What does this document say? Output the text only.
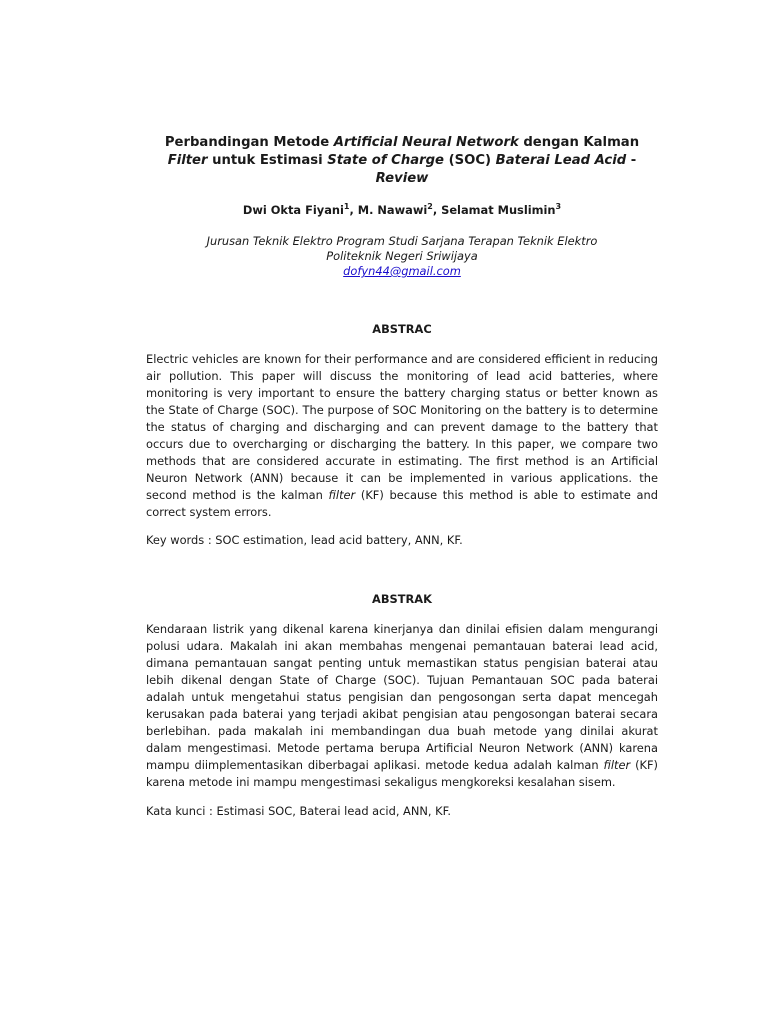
Perbandingan Metode Artificial Neural Network dengan Kalman
Filter untuk Estimasi State of Charge (SOC) Baterai Lead Acid -
Review
Dwi Okta Fiyani$^1$, M. Nawawi$^2$, Selamat Muslimin$^3$
Jurusan Teknik Elektro Program Studi Sarjana Terapan Teknik Elektro
Politeknik Negeri Sriwijaya
dofyn44@gmail.com
ABSTRAC

Electric vehicles are known for their performance and are considered efficient in reducing air pollution. This paper will discuss the monitoring of lead acid batteries, where monitoring is very important to ensure the battery charging status or better known as the State of Charge (SOC). The purpose of SOC Monitoring on the battery is to determine the status of charging and discharging and can prevent damage to the battery that occurs due to overcharging or discharging the battery. In this paper, we compare two methods that are considered accurate in estimating. The first method is an Artificial Neuron Network (ANN) because it can be implemented in various applications. the second method is the kalman filter (KF) because this method is able to estimate and correct system errors.

Key words : SOC estimation, lead acid battery, ANN, KF.
ABSTRAK

Kendaraan listrik yang dikenal karena kinerjanya dan dinilai efisien dalam mengurangi polusi udara. Makalah ini akan membahas mengenai pemantauan baterai lead acid, dimana pemantauan sangat penting untuk memastikan status pengisian baterai atau lebih dikenal dengan State of Charge (SOC). Tujuan Pemantauan SOC pada baterai adalah untuk mengetahui status pengisian dan pengosongan serta dapat mencegah kerusakan pada baterai yang terjadi akibat pengisian atau pengosongan baterai secara berlebihan. pada makalah ini membandingan dua buah metode yang dinilai akurat dalam mengestimasi. Metode pertama berupa Artificial Neuron Network (ANN) karena mampu diimplementasikan diberbagai aplikasi. metode kedua adalah kalman filter (KF) karena metode ini mampu mengestimasi sekaligus mengkoreksi kesalahan sisem.

Kata kunci : Estimasi SOC, Baterai lead acid, ANN, KF.
